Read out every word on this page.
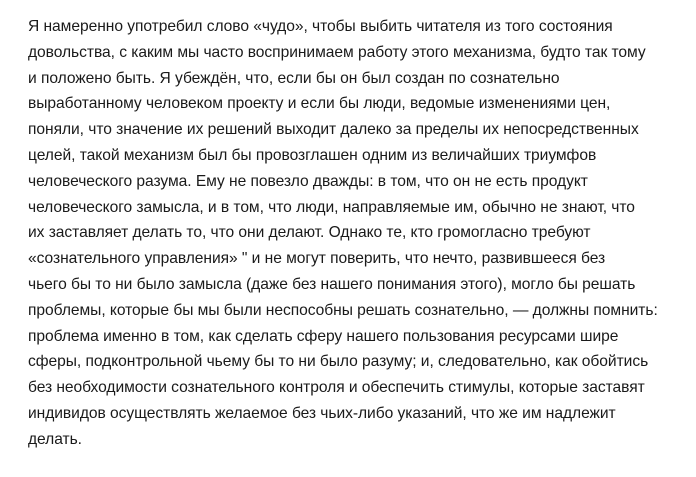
Я намеренно употребил слово «чудо», чтобы выбить читателя из того состояния
довольства, с каким мы часто воспринимаем работу этого механизма, будто так тому
и положено быть. Я убеждён, что, если бы он был создан по сознательно
выработанному человеком проекту и если бы люди, ведомые изменениями цен,
поняли, что значение их решений выходит далеко за пределы их непосредственных
целей, такой механизм был бы провозглашен одним из величайших триумфов
человеческого разума. Ему не повезло дважды: в том, что он не есть продукт
человеческого замысла, и в том, что люди, направляемые им, обычно не знают, что
их заставляет делать то, что они делают. Однако те, кто громогласно требуют
«сознательного управления» " и не могут поверить, что нечто, развившееся без
чьего бы то ни было замысла (даже без нашего понимания этого), могло бы решать
проблемы, которые бы мы были неспособны решать сознательно, — должны помнить:
проблема именно в том, как сделать сферу нашего пользования ресурсами шире
сферы, подконтрольной чьему бы то ни было разуму; и, следовательно, как обойтись
без необходимости сознательного контроля и обеспечить стимулы, которые заставят
индивидов осуществлять желаемое без чьих-либо указаний, что же им надлежит
делать.
